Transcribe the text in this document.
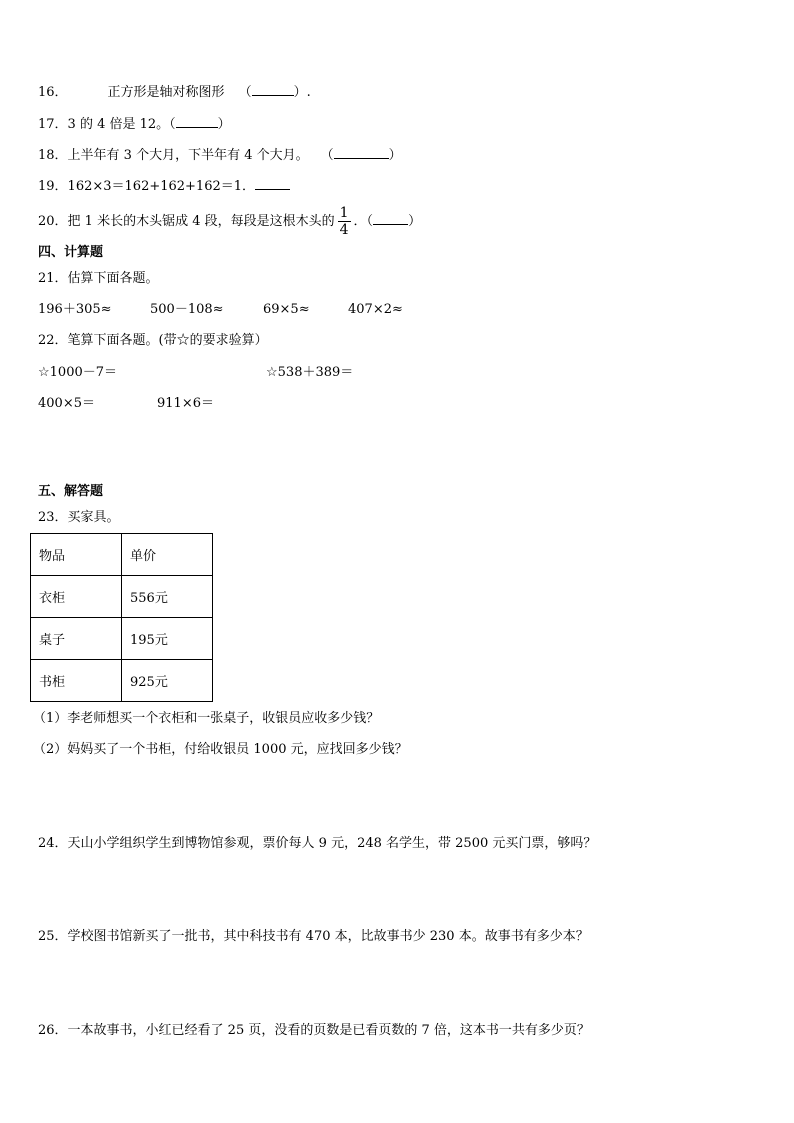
16．	正方形是轴对称图形 （	）.
17．3 的 4 倍是 12。（	）
18．上半年有 3 个大月，下半年有 4 个大月。 （	）
19．162×3＝162+162+162＝1．
20．把 1 米长的木头锯成 4 段，每段是这根木头的 $\frac{1}{4}$ ．（	）
四、计算题
21．估算下面各题。
196＋305≈	500－108≈	69×5≈	407×2≈
22．笔算下面各题。(带☆的要求验算）
☆1000－7＝	☆538＋389＝
400×5＝	911×6＝
五、解答题
23．买家具。
物品	单价
衣柜	556元
桌子	195元
书柜	925元
（1）李老师想买一个衣柜和一张桌子，收银员应收多少钱？
（2）妈妈买了一个书柜，付给收银员 1000 元，应找回多少钱？
24．天山小学组织学生到博物馆参观，票价每人 9 元，248 名学生，带 2500 元买门票，够吗？
25．学校图书馆新买了一批书，其中科技书有 470 本，比故事书少 230 本。故事书有多少本？
26．一本故事书，小红已经看了 25 页，没看的页数是已看页数的 7 倍，这本书一共有多少页？
